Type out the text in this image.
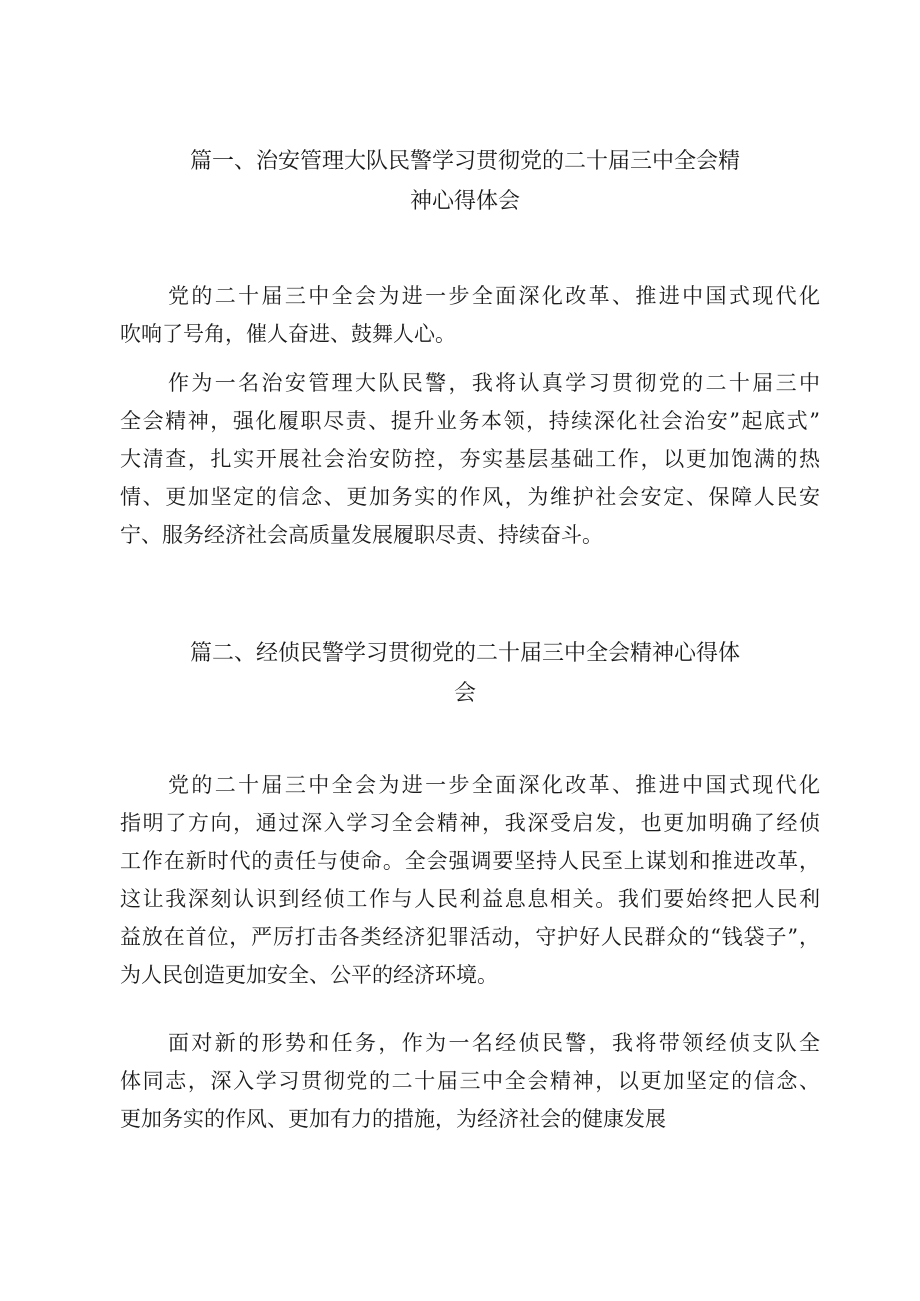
篇一、治安管理大队民警学习贯彻党的二十届三中全会精
神心得体会
党的二十届三中全会为进一步全面深化改革、推进中国式现代化
吹响了号角，催人奋进、鼓舞人心。
作为一名治安管理大队民警，我将认真学习贯彻党的二十届三中
全会精神，强化履职尽责、提升业务本领，持续深化社会治安”起底式”
大清查，扎实开展社会治安防控，夯实基层基础工作，以更加饱满的热
情、更加坚定的信念、更加务实的作风，为维护社会安定、保障人民安
宁、服务经济社会高质量发展履职尽责、持续奋斗。
篇二、经侦民警学习贯彻党的二十届三中全会精神心得体
会
党的二十届三中全会为进一步全面深化改革、推进中国式现代化
指明了方向，通过深入学习全会精神，我深受启发，也更加明确了经侦
工作在新时代的责任与使命。全会强调要坚持人民至上谋划和推进改革，
这让我深刻认识到经侦工作与人民利益息息相关。我们要始终把人民利
益放在首位，严厉打击各类经济犯罪活动，守护好人民群众的“钱袋子”，
为人民创造更加安全、公平的经济环境。
面对新的形势和任务，作为一名经侦民警，我将带领经侦支队全
体同志，深入学习贯彻党的二十届三中全会精神，以更加坚定的信念、
更加务实的作风、更加有力的措施，为经济社会的健康发展
